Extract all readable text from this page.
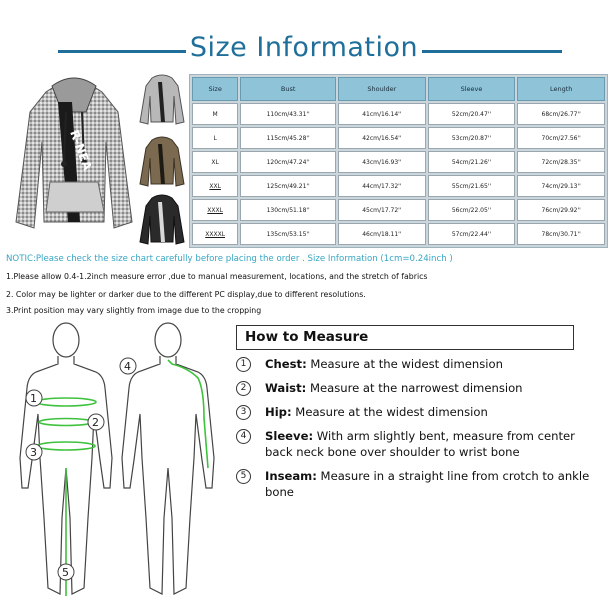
Size Information
R-NEA
Size	Bust	Shoulder	Sleeve	Length
M	110cm/43.31''	41cm/16.14''	52cm/20.47''	68cm/26.77''
L	115cm/45.28''	42cm/16.54''	53cm/20.87''	70cm/27.56''
XL	120cm/47.24''	43cm/16.93''	54cm/21.26''	72cm/28.35''
XXL	125cm/49.21''	44cm/17.32''	55cm/21.65''	74cm/29.13''
XXXL	130cm/51.18''	45cm/17.72''	56cm/22.05''	76cm/29.92''
XXXXL	135cm/53.15''	46cm/18.11''	57cm/22.44''	78cm/30.71''
NOTIC:Please check the size chart carefully before placing the order . Size Information (1cm=0.24inch )
1.Please allow 0.4-1.2inch measure error ,due to manual measurement, locations, and the stretch of fabrics
2. Color may be lighter or darker due to the different PC display,due to different resolutions.
3.Print position may vary slightly from image due to the cropping
1
2
3
4
5
How to Measure
1	Chest: Measure at the widest dimension
2	Waist: Measure at the narrowest dimension
3	Hip: Measure at the widest dimension
4	Sleeve: With arm slightly bent, measure from center back neck bone over shoulder to wrist bone
5	Inseam: Measure in a straight line from crotch to ankle bone
